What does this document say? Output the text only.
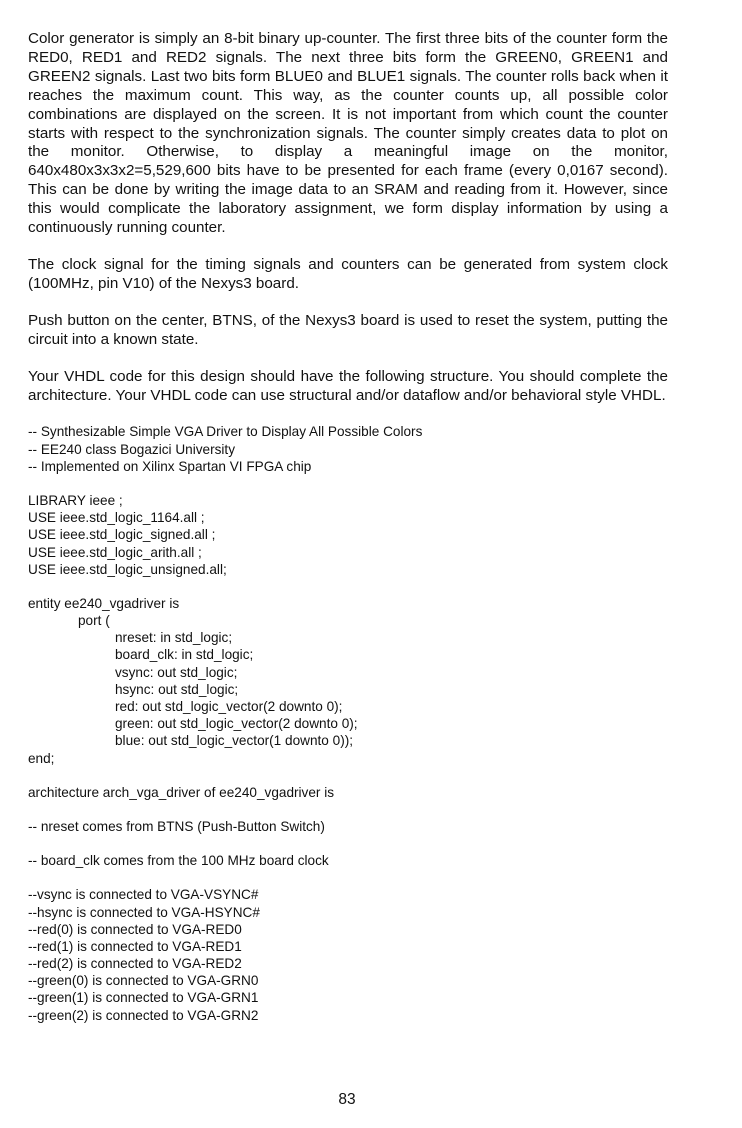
Color generator is simply an 8-bit binary up-counter. The first three bits of the counter form the RED0, RED1 and RED2 signals. The next three bits form the GREEN0, GREEN1 and GREEN2 signals. Last two bits form BLUE0 and BLUE1 signals. The counter rolls back when it reaches the maximum count. This way, as the counter counts up, all possible color combinations are displayed on the screen. It is not important from which count the counter starts with respect to the synchronization signals. The counter simply creates data to plot on the monitor. Otherwise, to display a meaningful image on the monitor, 640x480x3x3x2=5,529,600 bits have to be presented for each frame (every 0,0167 second). This can be done by writing the image data to an SRAM and reading from it. However, since this would complicate the laboratory assignment, we form display information by using a continuously running counter.

The clock signal for the timing signals and counters can be generated from system clock (100MHz, pin V10) of the Nexys3 board.

Push button on the center, BTNS, of the Nexys3 board is used to reset the system, putting the circuit into a known state.

Your VHDL code for this design should have the following structure. You should complete the architecture. Your VHDL code can use structural and/or dataflow and/or behavioral style VHDL.

-- Synthesizable Simple VGA Driver to Display All Possible Colors
-- EE240 class Bogazici University
-- Implemented on Xilinx Spartan VI FPGA chip
LIBRARY ieee ;
USE ieee.std_logic_1164.all ;
USE ieee.std_logic_signed.all ;
USE ieee.std_logic_arith.all ;
USE ieee.std_logic_unsigned.all;
entity ee240_vgadriver is
port (
nreset: in std_logic;
board_clk: in std_logic;
vsync: out std_logic;
hsync: out std_logic;
red: out std_logic_vector(2 downto 0);
green: out std_logic_vector(2 downto 0);
blue: out std_logic_vector(1 downto 0));
end;
architecture arch_vga_driver of ee240_vgadriver is
-- nreset comes from BTNS (Push-Button Switch)
-- board_clk comes from the 100 MHz board clock
--vsync is connected to VGA-VSYNC#
--hsync is connected to VGA-HSYNC#
--red(0) is connected to VGA-RED0
--red(1) is connected to VGA-RED1
--red(2) is connected to VGA-RED2
--green(0) is connected to VGA-GRN0
--green(1) is connected to VGA-GRN1
--green(2) is connected to VGA-GRN2
83
